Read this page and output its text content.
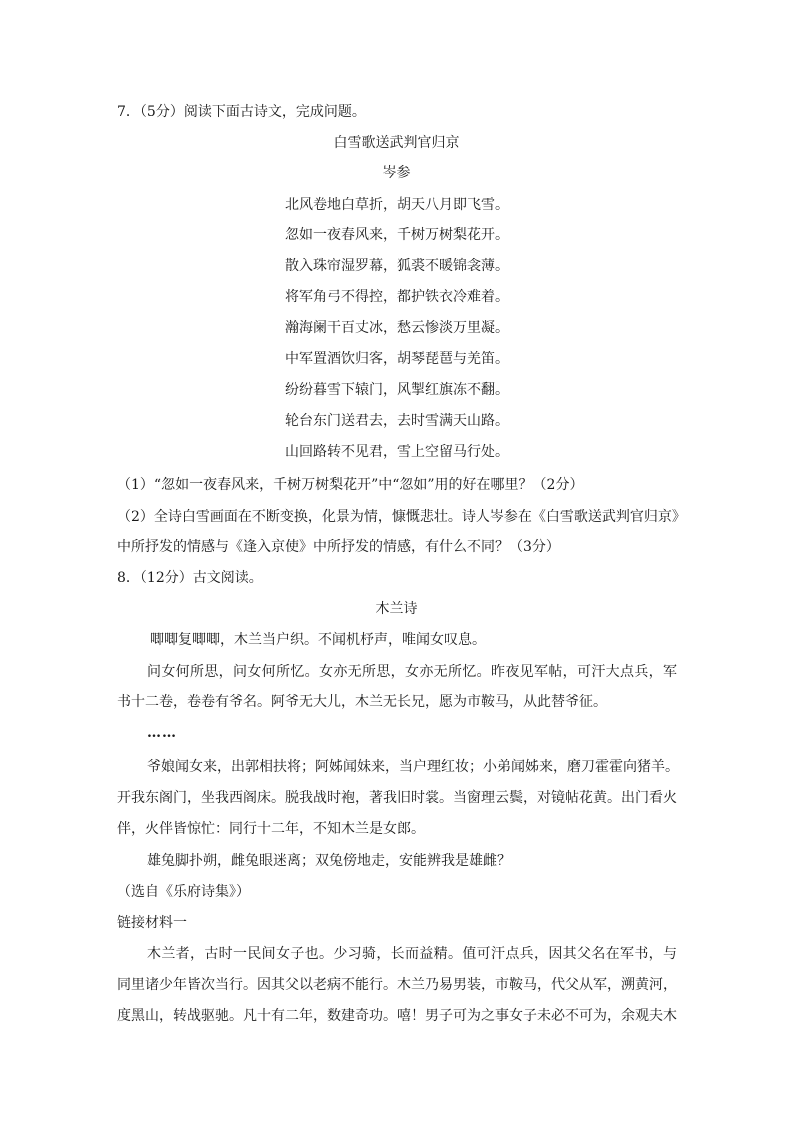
7．（5分）阅读下面古诗文，完成问题。
白雪歌送武判官归京
岑参
北风卷地白草折，胡天八月即飞雪。
忽如一夜春风来，千树万树梨花开。
散入珠帘湿罗幕，狐裘不暖锦衾薄。
将军角弓不得控，都护铁衣冷难着。
瀚海阑干百丈冰，愁云惨淡万里凝。
中军置酒饮归客，胡琴琵琶与羌笛。
纷纷暮雪下辕门，风掣红旗冻不翻。
轮台东门送君去，去时雪满天山路。
山回路转不见君，雪上空留马行处。
（1）“忽如一夜春风来，千树万树梨花开”中“忽如”用的好在哪里？（2分）
（2）全诗白雪画面在不断变换，化景为情，慷慨悲壮。诗人岑参在《白雪歌送武判官归京》
中所抒发的情感与《逢入京使》中所抒发的情感，有什么不同？（3分）
8．（12分）古文阅读。
木兰诗
唧唧复唧唧，木兰当户织。不闻机杼声，唯闻女叹息。
问女何所思，问女何所忆。女亦无所思，女亦无所忆。昨夜见军帖，可汗大点兵，军
书十二卷，卷卷有爷名。阿爷无大儿，木兰无长兄，愿为市鞍马，从此替爷征。
……
爷娘闻女来，出郭相扶将；阿姊闻妹来，当户理红妆；小弟闻姊来，磨刀霍霍向猪羊。
开我东阁门，坐我西阁床。脱我战时袍，著我旧时裳。当窗理云鬓，对镜帖花黄。出门看火
伴，火伴皆惊忙：同行十二年，不知木兰是女郎。
雄兔脚扑朔，雌兔眼迷离；双兔傍地走，安能辨我是雄雌？
（选自《乐府诗集》）
链接材料一
木兰者，古时一民间女子也。少习骑，长而益精。值可汗点兵，因其父名在军书，与
同里诸少年皆次当行。因其父以老病不能行。木兰乃易男装，市鞍马，代父从军，溯黄河，
度黑山，转战驱驰。凡十有二年，数建奇功。嘻！男子可为之事女子未必不可为，余观夫木
